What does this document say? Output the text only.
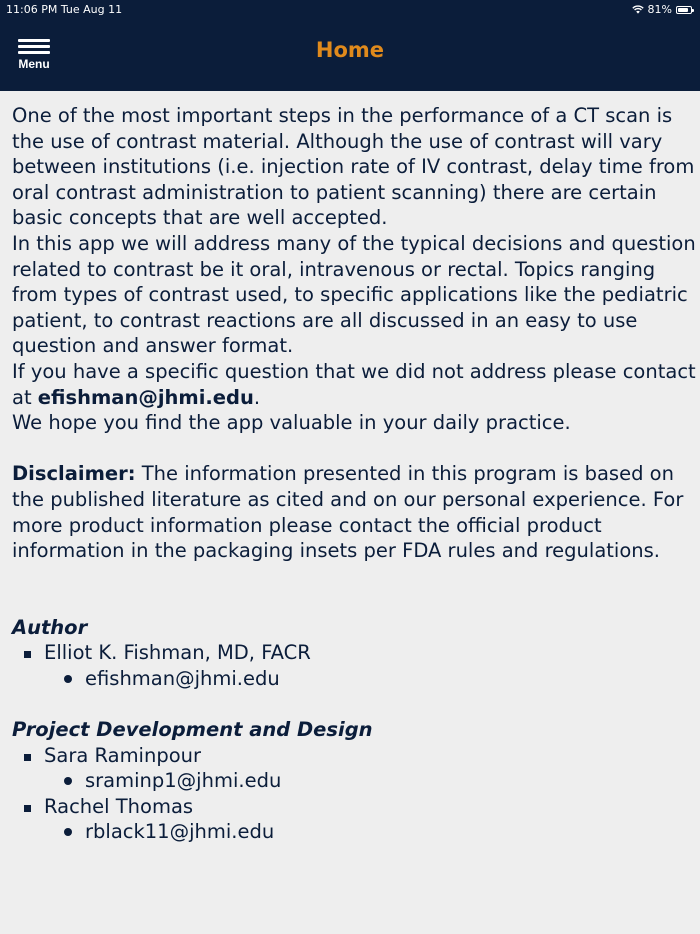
11:06 PM Tue Aug 11	81%
Menu
Home

One of the most important steps in the performance of a CT scan is the use of contrast material. Although the use of contrast will vary between institutions (i.e. injection rate of IV contrast, delay time from oral contrast administration to patient scanning) there are certain basic concepts that are well accepted.

In this app we will address many of the typical decisions and question related to contrast be it oral, intravenous or rectal. Topics ranging from types of contrast used, to specific applications like the pediatric patient, to contrast reactions are all discussed in an easy to use question and answer format.

If you have a specific question that we did not address please contact at efishman@jhmi.edu.

We hope you find the app valuable in your daily practice.

Disclaimer: The information presented in this program is based on the published literature as cited and on our personal experience. For more product information please contact the official product information in the packaging insets per FDA rules and regulations.

Author

Elliot K. Fishman, MD, FACR
efishman@jhmi.edu

Project Development and Design

Sara Raminpour
sraminp1@jhmi.edu
Rachel Thomas
rblack11@jhmi.edu
